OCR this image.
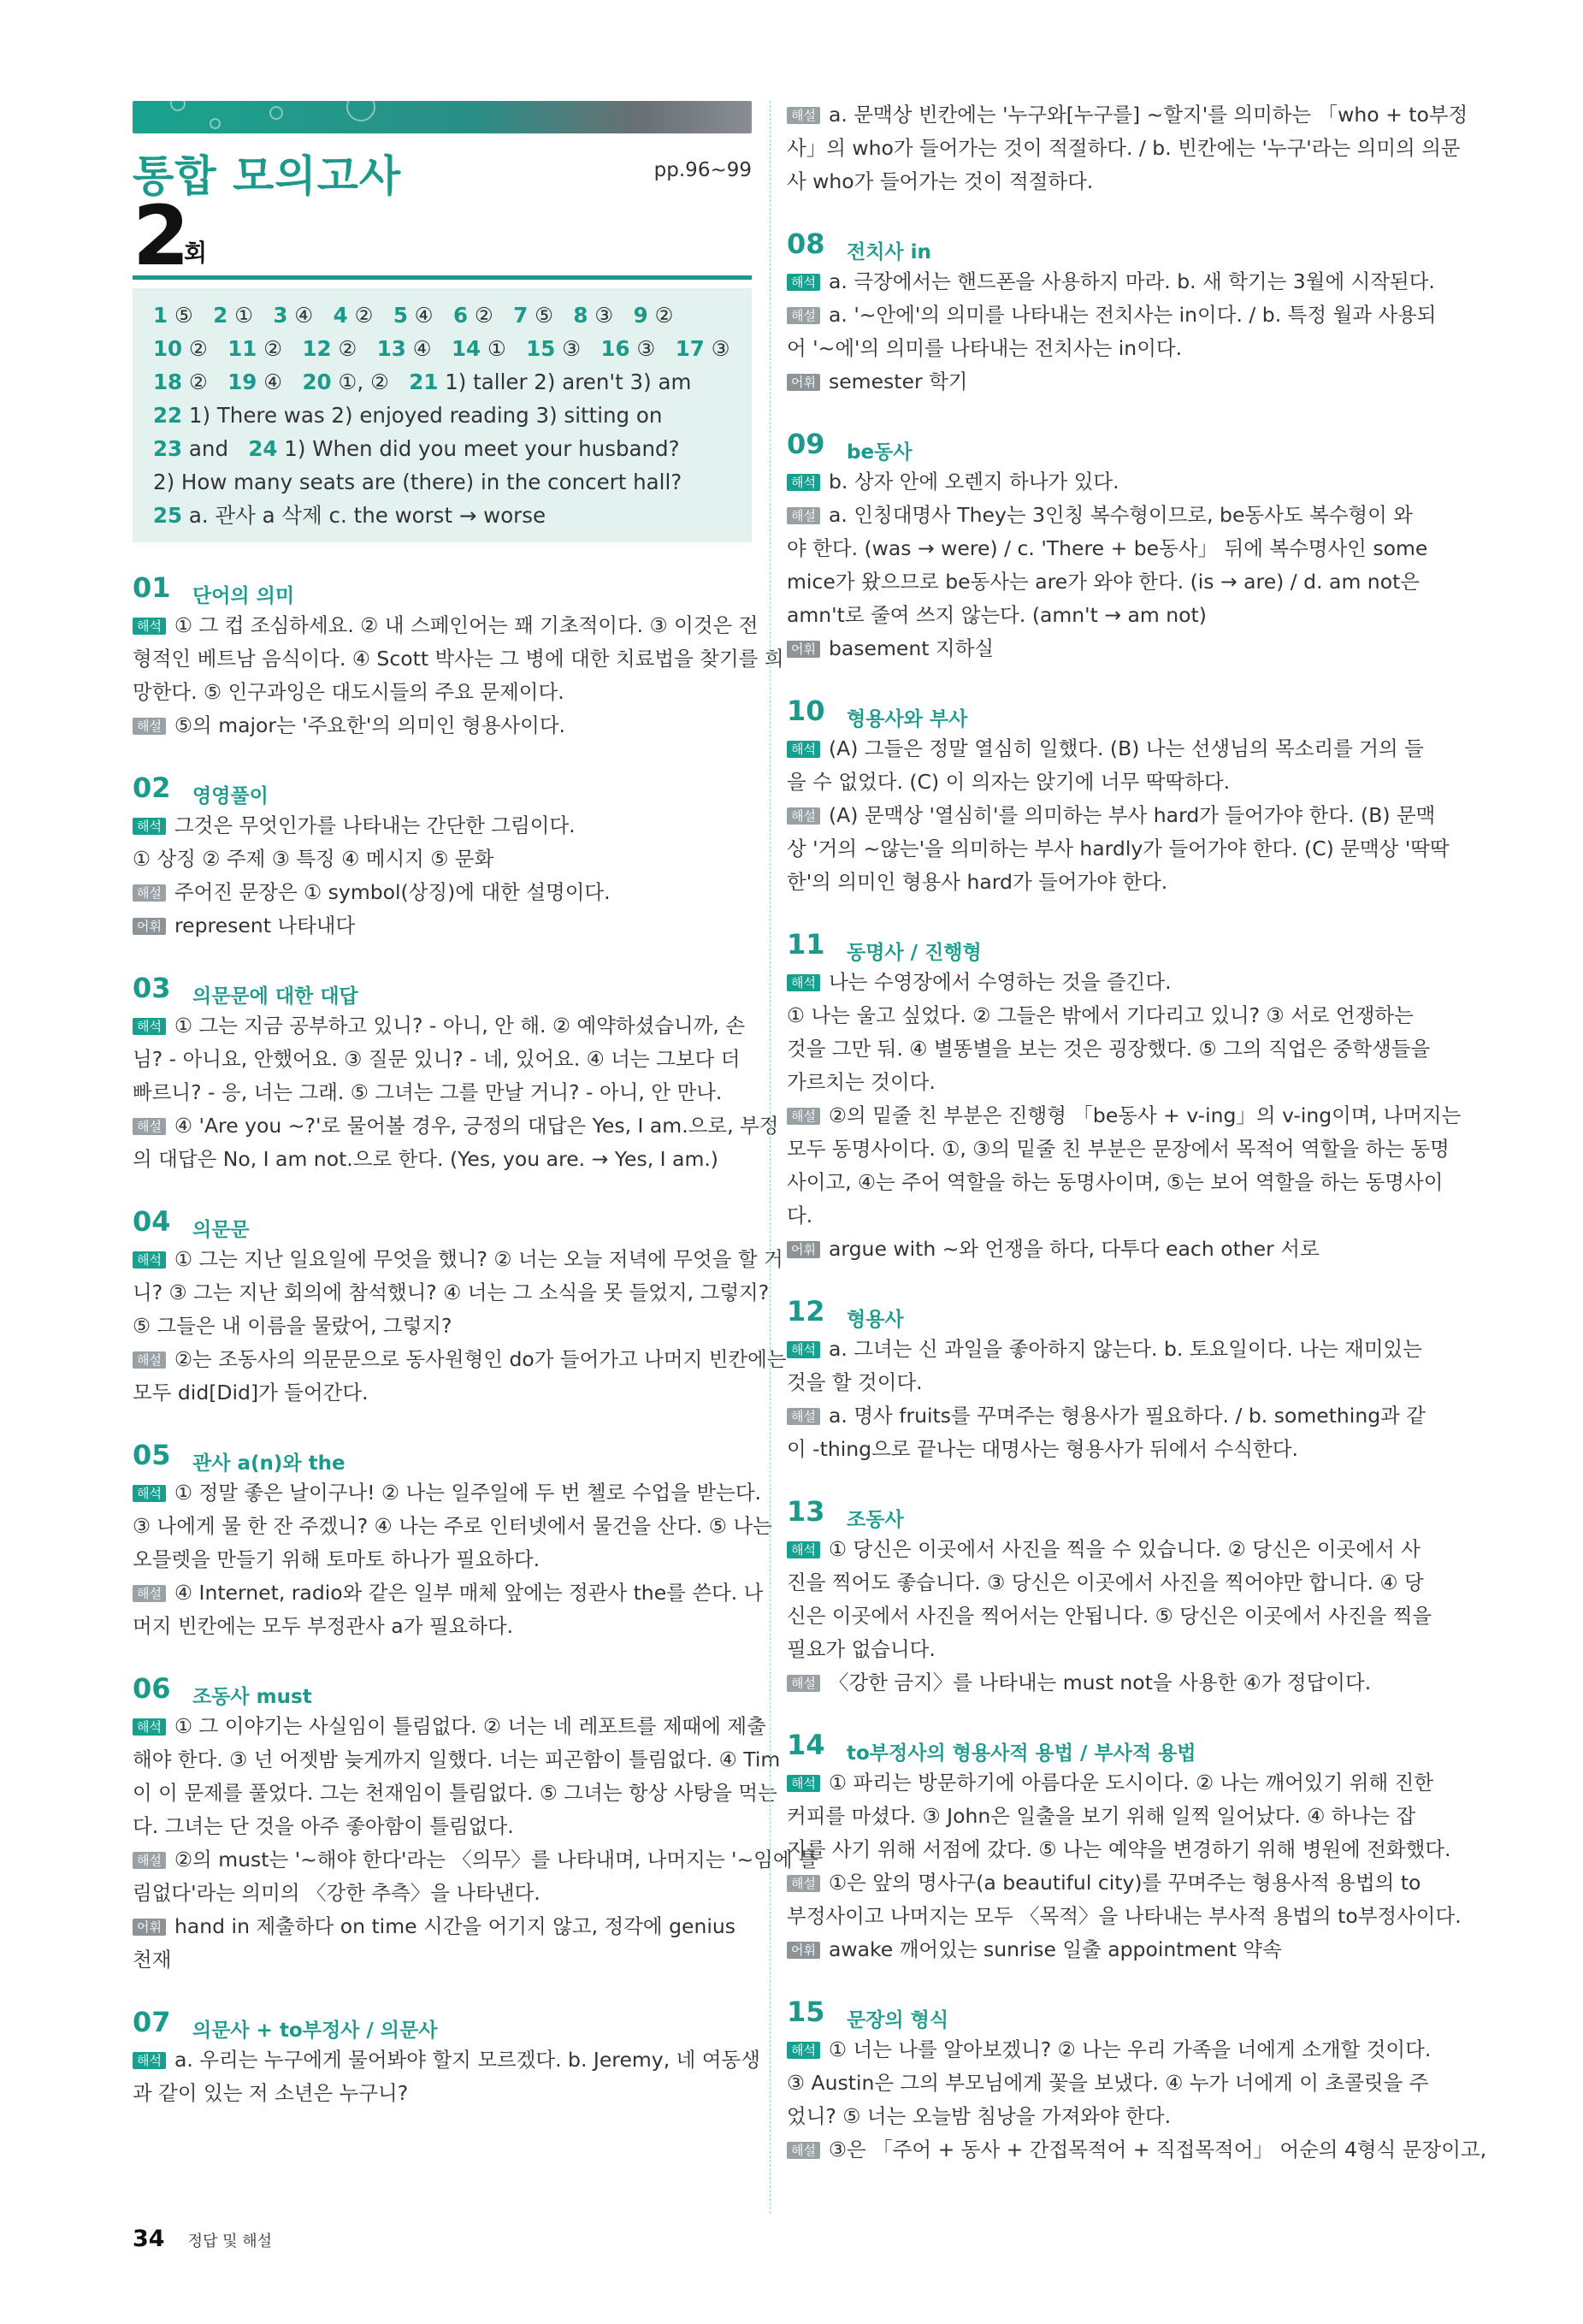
통합 모의고사	pp.96~99
2
회
1 ⑤ 2 ① 3 ④ 4 ② 5 ④ 6 ② 7 ⑤ 8 ③ 9 ②
10 ② 11 ② 12 ② 13 ④ 14 ① 15 ③ 16 ③ 17 ③
18 ② 19 ④ 20 ①, ② 21 1) taller 2) aren't 3) am
22 1) There was 2) enjoyed reading 3) sitting on
23 and 24 1) When did you meet your husband?
2) How many seats are (there) in the concert hall?
25 a. 관사 a 삭제 c. the worst → worse
01 단어의 의미
해석 ① 그 컵 조심하세요. ② 내 스페인어는 꽤 기초적이다. ③ 이것은 전
형적인 베트남 음식이다. ④ Scott 박사는 그 병에 대한 치료법을 찾기를 희
망한다. ⑤ 인구과잉은 대도시들의 주요 문제이다.
해설 ⑤의 major는 '주요한'의 의미인 형용사이다.
02 영영풀이
해석 그것은 무엇인가를 나타내는 간단한 그림이다.
① 상징 ② 주제 ③ 특징 ④ 메시지 ⑤ 문화
해설 주어진 문장은 ① symbol(상징)에 대한 설명이다.
어휘 represent 나타내다
03 의문문에 대한 대답
해석 ① 그는 지금 공부하고 있니? - 아니, 안 해. ② 예약하셨습니까, 손
님? - 아니요, 안했어요. ③ 질문 있니? - 네, 있어요. ④ 너는 그보다 더
빠르니? - 응, 너는 그래. ⑤ 그녀는 그를 만날 거니? - 아니, 안 만나.
해설 ④ 'Are you ~?'로 물어볼 경우, 긍정의 대답은 Yes, I am.으로, 부정
의 대답은 No, I am not.으로 한다. (Yes, you are. → Yes, I am.)
04 의문문
해석 ① 그는 지난 일요일에 무엇을 했니? ② 너는 오늘 저녁에 무엇을 할 거
니? ③ 그는 지난 회의에 참석했니? ④ 너는 그 소식을 못 들었지, 그렇지?
⑤ 그들은 내 이름을 물랐어, 그렇지?
해설 ②는 조동사의 의문문으로 동사원형인 do가 들어가고 나머지 빈칸에는
모두 did[Did]가 들어간다.
05 관사 a(n)와 the
해석 ① 정말 좋은 날이구나! ② 나는 일주일에 두 번 첼로 수업을 받는다.
③ 나에게 물 한 잔 주겠니? ④ 나는 주로 인터넷에서 물건을 산다. ⑤ 나는
오믈렛을 만들기 위해 토마토 하나가 필요하다.
해설 ④ Internet, radio와 같은 일부 매체 앞에는 정관사 the를 쓴다. 나
머지 빈칸에는 모두 부정관사 a가 필요하다.
06 조동사 must
해석 ① 그 이야기는 사실임이 틀림없다. ② 너는 네 레포트를 제때에 제출
해야 한다. ③ 넌 어젯밤 늦게까지 일했다. 너는 피곤함이 틀림없다. ④ Tim
이 이 문제를 풀었다. 그는 천재임이 틀림없다. ⑤ 그녀는 항상 사탕을 먹는
다. 그녀는 단 것을 아주 좋아함이 틀림없다.
해설 ②의 must는 '~해야 한다'라는 〈의무〉를 나타내며, 나머지는 '~임에 틀
림없다'라는 의미의 〈강한 추측〉을 나타낸다.
어휘 hand in 제출하다 on time 시간을 어기지 않고, 정각에 genius
천재
07 의문사 + to부정사 / 의문사
해석 a. 우리는 누구에게 물어봐야 할지 모르겠다. b. Jeremy, 네 여동생
과 같이 있는 저 소년은 누구니?
해설 a. 문맥상 빈칸에는 '누구와[누구를] ~할지'를 의미하는 「who + to부정
사」의 who가 들어가는 것이 적절하다. / b. 빈칸에는 '누구'라는 의미의 의문
사 who가 들어가는 것이 적절하다.
08 전치사 in
해석 a. 극장에서는 핸드폰을 사용하지 마라. b. 새 학기는 3월에 시작된다.
해설 a. '~안에'의 의미를 나타내는 전치사는 in이다. / b. 특정 월과 사용되
어 '~에'의 의미를 나타내는 전치사는 in이다.
어휘 semester 학기
09 be동사
해석 b. 상자 안에 오렌지 하나가 있다.
해설 a. 인칭대명사 They는 3인칭 복수형이므로, be동사도 복수형이 와
야 한다. (was → were) / c. 'There + be동사」 뒤에 복수명사인 some
mice가 왔으므로 be동사는 are가 와야 한다. (is → are) / d. am not은
amn't로 줄여 쓰지 않는다. (amn't → am not)
어휘 basement 지하실
10 형용사와 부사
해석 (A) 그들은 정말 열심히 일했다. (B) 나는 선생님의 목소리를 거의 들
을 수 없었다. (C) 이 의자는 앉기에 너무 딱딱하다.
해설 (A) 문맥상 '열심히'를 의미하는 부사 hard가 들어가야 한다. (B) 문맥
상 '거의 ~않는'을 의미하는 부사 hardly가 들어가야 한다. (C) 문맥상 '딱딱
한'의 의미인 형용사 hard가 들어가야 한다.
11 동명사 / 진행형
해석 나는 수영장에서 수영하는 것을 즐긴다.
① 나는 울고 싶었다. ② 그들은 밖에서 기다리고 있니? ③ 서로 언쟁하는
것을 그만 둬. ④ 별똥별을 보는 것은 굉장했다. ⑤ 그의 직업은 중학생들을
가르치는 것이다.
해설 ②의 밑줄 친 부분은 진행형 「be동사 + v-ing」의 v-ing이며, 나머지는
모두 동명사이다. ①, ③의 밑줄 친 부분은 문장에서 목적어 역할을 하는 동명
사이고, ④는 주어 역할을 하는 동명사이며, ⑤는 보어 역할을 하는 동명사이
다.
어휘 argue with ~와 언쟁을 하다, 다투다 each other 서로
12 형용사
해석 a. 그녀는 신 과일을 좋아하지 않는다. b. 토요일이다. 나는 재미있는
것을 할 것이다.
해설 a. 명사 fruits를 꾸며주는 형용사가 필요하다. / b. something과 같
이 -thing으로 끝나는 대명사는 형용사가 뒤에서 수식한다.
13 조동사
해석 ① 당신은 이곳에서 사진을 찍을 수 있습니다. ② 당신은 이곳에서 사
진을 찍어도 좋습니다. ③ 당신은 이곳에서 사진을 찍어야만 합니다. ④ 당
신은 이곳에서 사진을 찍어서는 안됩니다. ⑤ 당신은 이곳에서 사진을 찍을
필요가 없습니다.
해설 〈강한 금지〉를 나타내는 must not을 사용한 ④가 정답이다.
14 to부정사의 형용사적 용법 / 부사적 용법
해석 ① 파리는 방문하기에 아름다운 도시이다. ② 나는 깨어있기 위해 진한
커피를 마셨다. ③ John은 일출을 보기 위해 일찍 일어났다. ④ 하나는 잡
지를 사기 위해 서점에 갔다. ⑤ 나는 예약을 변경하기 위해 병원에 전화했다.
해설 ①은 앞의 명사구(a beautiful city)를 꾸며주는 형용사적 용법의 to
부정사이고 나머지는 모두 〈목적〉을 나타내는 부사적 용법의 to부정사이다.
어휘 awake 깨어있는 sunrise 일출 appointment 약속
15 문장의 형식
해석 ① 너는 나를 알아보겠니? ② 나는 우리 가족을 너에게 소개할 것이다.
③ Austin은 그의 부모님에게 꽃을 보냈다. ④ 누가 너에게 이 초콜릿을 주
었니? ⑤ 너는 오늘밤 침낭을 가져와야 한다.
해설 ③은 「주어 + 동사 + 간접목적어 + 직접목적어」 어순의 4형식 문장이고,
34 정답 및 해설
